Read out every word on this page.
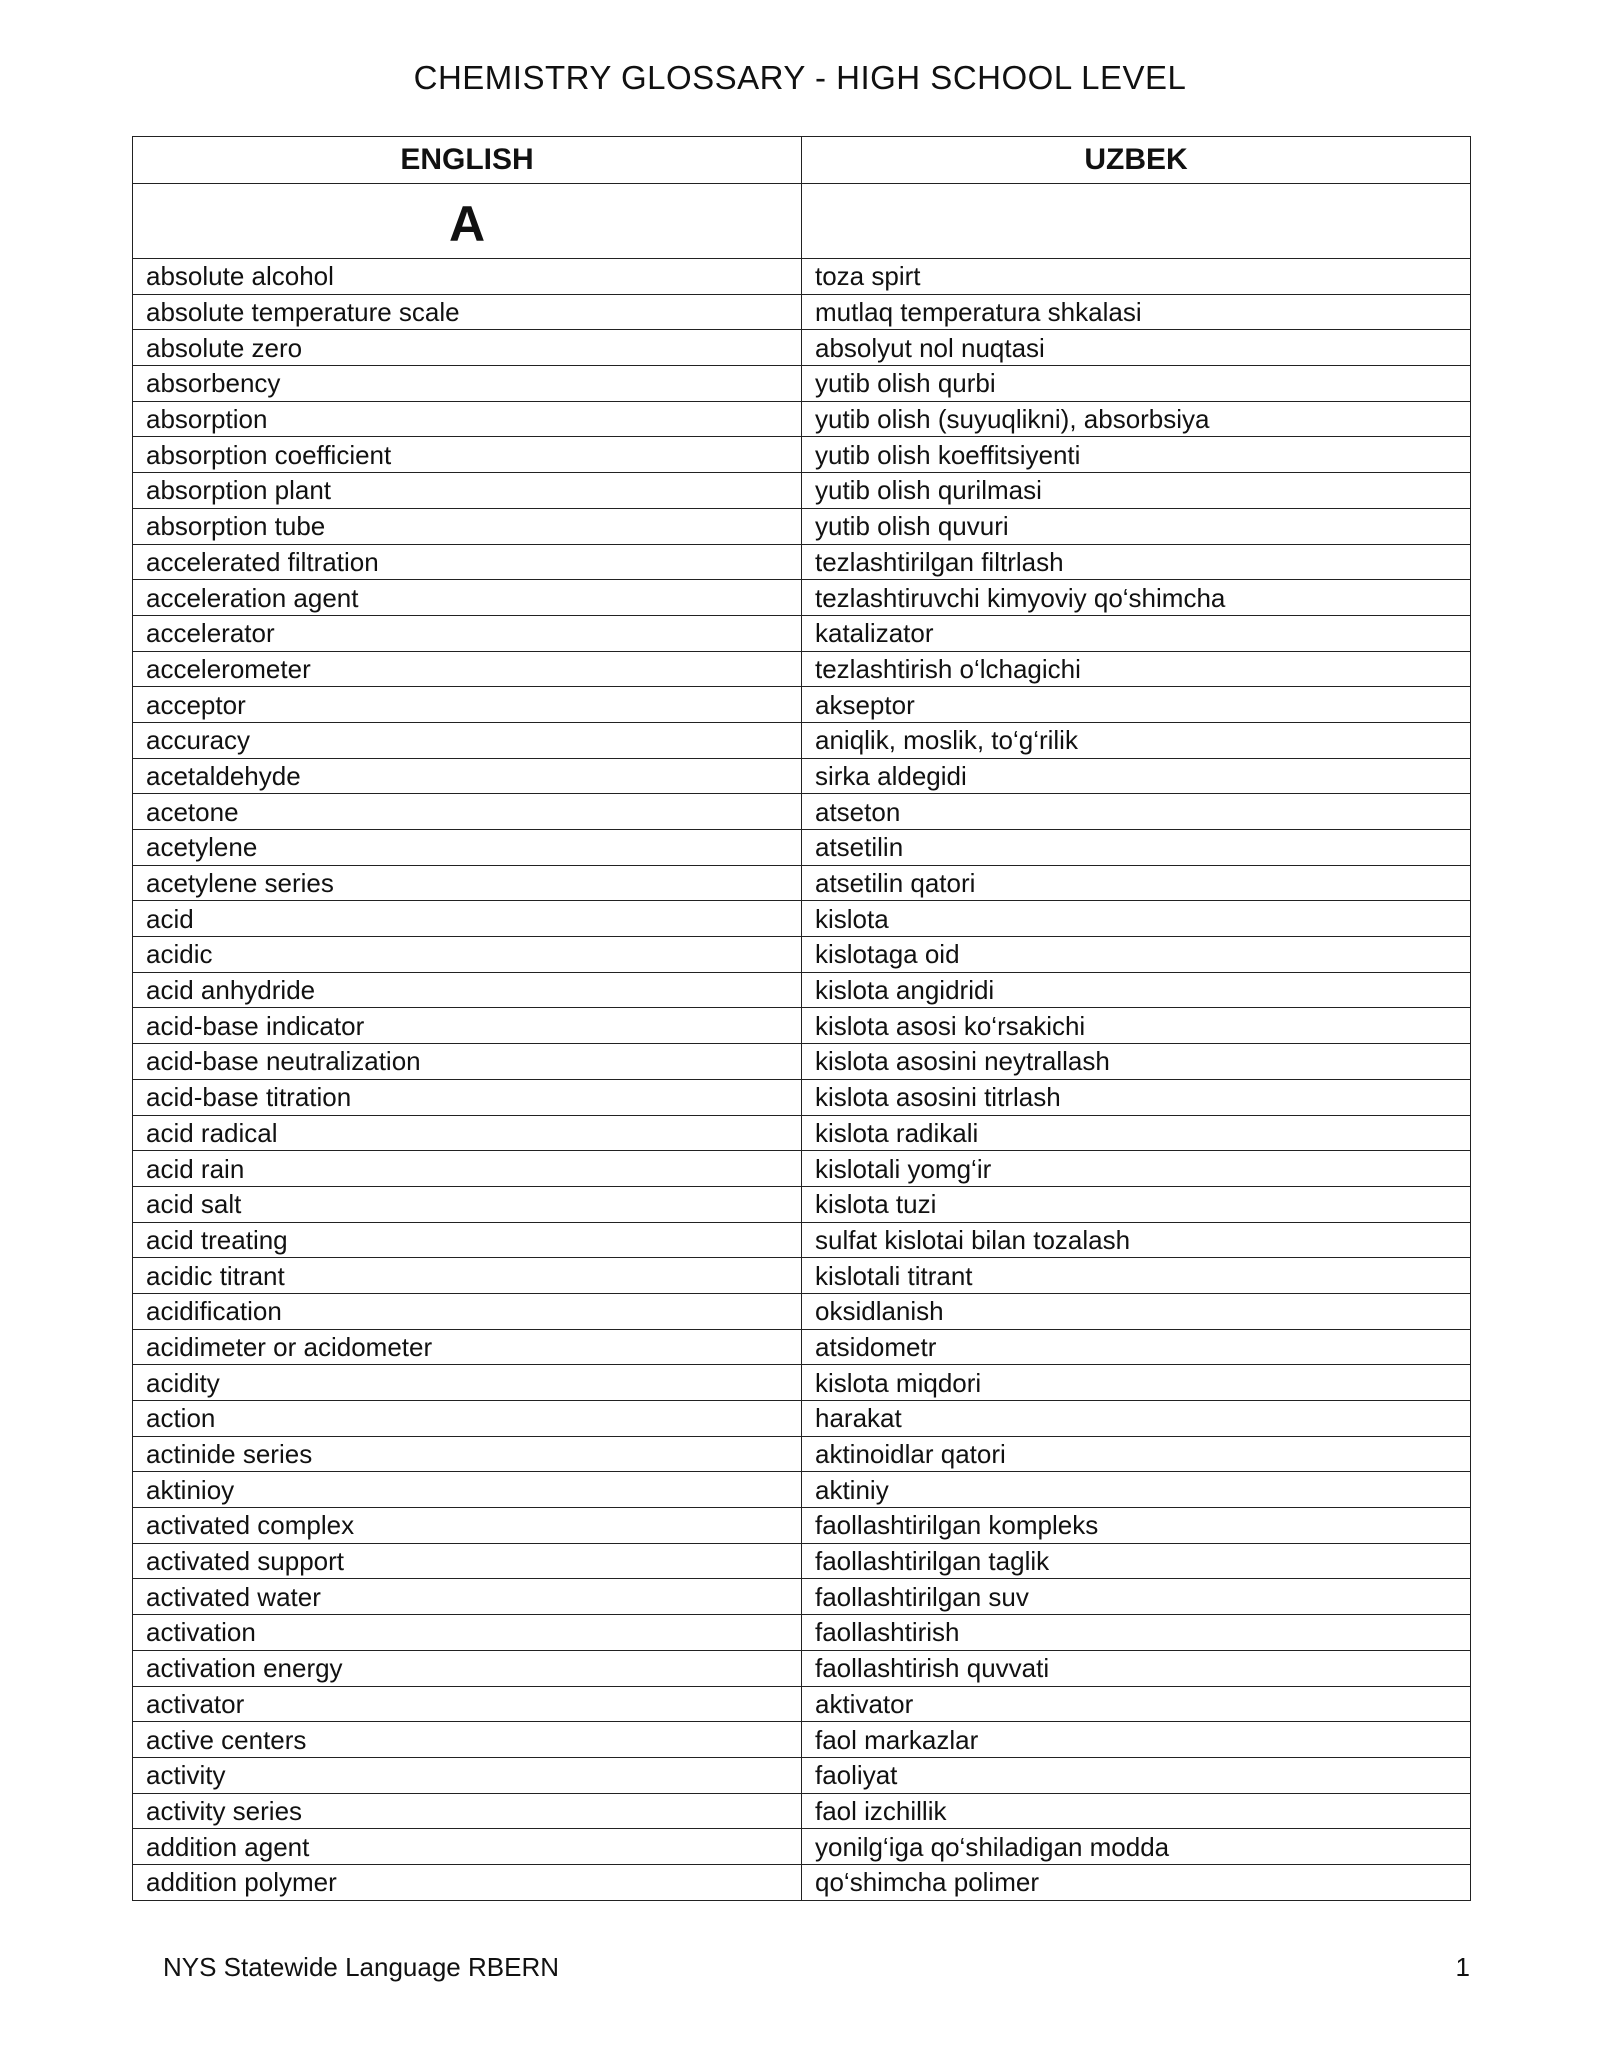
CHEMISTRY GLOSSARY - HIGH SCHOOL LEVEL
ENGLISH	UZBEK
A	
absolute alcohol	toza spirt
absolute temperature scale	mutlaq temperatura shkalasi
absolute zero	absolyut nol nuqtasi
absorbency	yutib olish qurbi
absorption	yutib olish (suyuqlikni), absorbsiya
absorption coefficient	yutib olish koeffitsiyenti
absorption plant	yutib olish qurilmasi
absorption tube	yutib olish quvuri
accelerated filtration	tezlashtirilgan filtrlash
acceleration agent	tezlashtiruvchi kimyoviy qo‘shimcha
accelerator	katalizator
accelerometer	tezlashtirish o‘lchagichi
acceptor	akseptor
accuracy	aniqlik, moslik, to‘g‘rilik
acetaldehyde	sirka aldegidi
acetone	atseton
acetylene	atsetilin
acetylene series	atsetilin qatori
acid	kislota
acidic	kislotaga oid
acid anhydride	kislota angidridi
acid-base indicator	kislota asosi ko‘rsakichi
acid-base neutralization	kislota asosini neytrallash
acid-base titration	kislota asosini titrlash
acid radical	kislota radikali
acid rain	kislotali yomg‘ir
acid salt	kislota tuzi
acid treating	sulfat kislotai bilan tozalash
acidic titrant	kislotali titrant
acidification	oksidlanish
acidimeter or acidometer	atsidometr
acidity	kislota miqdori
action	harakat
actinide series	aktinoidlar qatori
aktinioy	aktiniy
activated complex	faollashtirilgan kompleks
activated support	faollashtirilgan taglik
activated water	faollashtirilgan suv
activation	faollashtirish
activation energy	faollashtirish quvvati
activator	aktivator
active centers	faol markazlar
activity	faoliyat
activity series	faol izchillik
addition agent	yonilg‘iga qo‘shiladigan modda
addition polymer	qo‘shimcha polimer
NYS Statewide Language RBERN	1
